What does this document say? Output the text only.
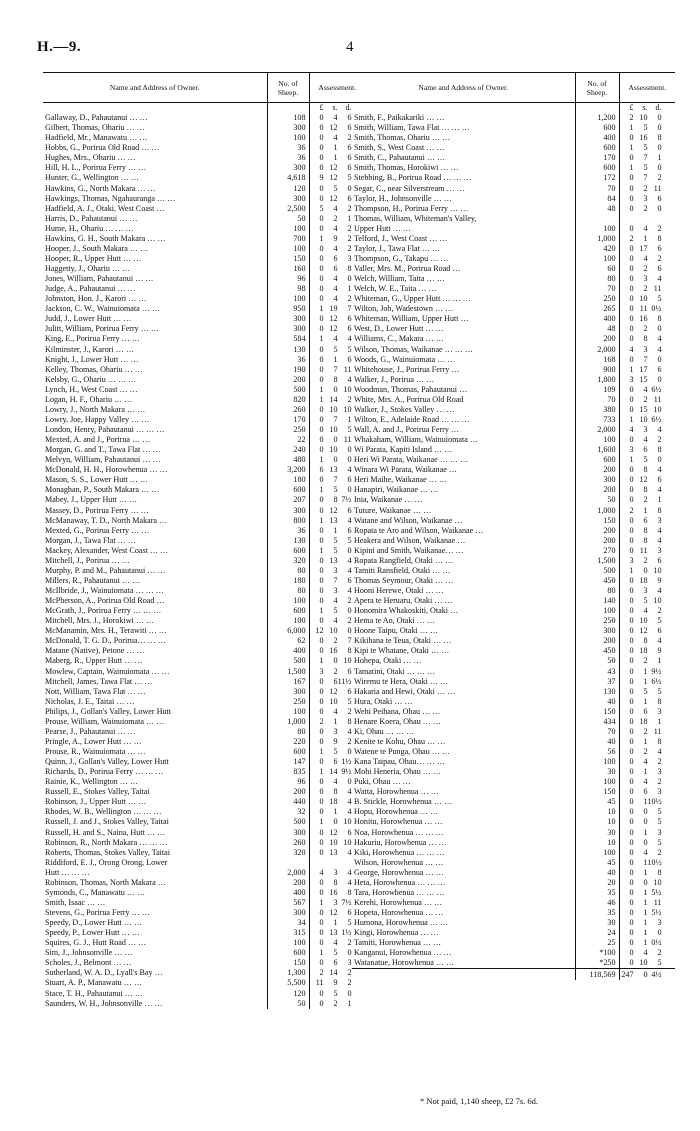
H.—9.	4
Name and Address of Owner.	No. of Sheep.	Assessment.
		£ s. d.
Gallaway, D., Pahautanui … …	108	0 4 6
Gilbert, Thomas, Ohariu … …	300	0 12 6
Hadfield, Mr., Manawatu … …	100	0 4 2
Hobbs, G., Porirua Old Road … …	36	0 1 6
Hughes, Mrs., Ohariu … …	36	0 1 6
Hill, H. L., Porirua Ferry … …	300	0 12 6
Hunter, G., Wellington … …	4,618	9 12 5
Hawkins, G., North Makara … …	120	0 5 0
Hawkings, Thomas, Ngahauranga … …	300	0 12 6
Hadfield, A. J., Otaki, West Coast …	2,500	5 4 2
Harris, D., Pahautanui … …	50	0 2 1
Hume, H., Ohariu … … …	100	0 4 2
Hawkins, G. H., South Makara … …	700	1 9 2
Hooper, J., South Makara … …	100	0 4 2
Hooper, R., Upper Hutt … …	150	0 6 3
Haggetty, J., Ohariu … …	160	0 6 8
Jones, William, Pahautanui … …	96	0 4 0
Judge, A., Pahautanui … …	98	0 4 1
Johnston, Hon. J., Karori … …	100	0 4 2
Jackson, C. W., Wainuiomata … …	950	1 19 7
Judd, J., Lower Hutt … …	300	0 12 6
Julitt, William, Porirua Ferry … …	300	0 12 6
King, E., Porirua Ferry … …	584	1 4 4
Kilminster, J., Karori … …	130	0 5 5
Knight, J., Lower Hutt … …	36	0 1 6
Kelley, Thomas, Ohariu … …	190	0 7 11
Kelsby, G., Ohariu … … …	200	0 8 4
Lynch, H., West Coast … …	500	1 0 10
Logan, H. F., Ohariu … …	820	1 14 2
Lowry, J., North Makara … …	260	0 10 10
Lowry, Joe, Happy Valley … …	170	0 7 1
London, Henry, Pahautanui … … …	250	0 10 5
Mexted, A. and J., Porirua … …	22	0 0 11
Morgan, G. and T., Tawa Flat … …	240	0 10 0
Melvyn, William, Pahautanui … …	480	1 0 0
McDonald, H. H., Horowhenua … …	3,200	6 13 4
Mason, S. S., Lower Hutt … …	180	0 7 6
Monaghan, P., South Makara … …	600	1 5 0
Mabey, J., Upper Hutt … …	207	0 8 7½
Massey, D., Porirua Ferry … …	300	0 12 6
McManaway, T. D., North Makara …	800	1 13 4
Mexted, G., Porirua Ferry … …	36	0 1 6
Morgan, J., Tawa Flat … …	130	0 5 5
Mackey, Alexander, West Coast … …	600	1 5 0
Mitchell, J., Porirua … …	320	0 13 4
Murphy, P. and M., Pahautanui … …	80	0 3 4
Millers, R., Pahautanui … …	180	0 7 6
McIlbride, J., Wainuiomata … … …	80	0 3 4
McPherson, A., Porirua Old Road …	100	0 4 2
McGrath, J., Porirua Ferry … … …	600	1 5 0
Mitchell, Mrs. J., Horokiwi … …	100	0 4 2
McManamin, Mrs. H., Terawiti … …	6,000	12 10 0
McDonald, T. G. D., Porirua… … …	62	0 2 7
Matane (Native), Petone … …	400	0 16 8
Maberg, R., Upper Hutt … …	500	1 0 10
Mowlew, Captain, Wainuiomata … …	1,500	3 2 6
Mitchell, James, Tawa Flat … …	167	0 611½
Nott, William, Tawa Flat … …	300	0 12 6
Nicholas, J. E., Taitai … …	250	0 10 5
Philips, J., Gollan's Valley, Lower Hutt	100	0 4 2
Prouse, William, Wainuiomata … …	1,000	2 1 8
Pearse, J., Pahautanui … …	80	0 3 4
Pringle, A., Lower Hutt … …	220	0 9 2
Prouse, R., Wainuiomata … …	600	1 5 0
Quinn, J., Gollan's Valley, Lower Hutt	147	0 6 1½
Richards, D., Porirua Ferry … … …	835	1 14 9½
Rainie, K., Wellington … …	96	0 4 0
Russell, E., Stokes Valley, Taitai	200	0 8 4
Robinson, J., Upper Hutt … …	440	0 18 4
Rhodes, W. B., Wellington … … …	32	0 1 4
Russell, J. and J., Stokes Valley, Taitai	500	1 0 10
Russell, H. and S., Naina, Hutt … …	300	0 12 6
Robinson, R., North Makara … … …	260	0 10 10
Roberts, Thomas, Stokes Valley, Taitai	320	0 13 4
Riddiford, E. J., Orong Orong, Lower		
Hutt … … …	2,000	4 3 4
Robinson, Thomas, North Makara …	200	0 8 4
Symonds, C., Manawatu … …	400	0 16 8
Smith, Isaac … …	567	1 3 7½
Stevens, G., Porirua Ferry … …	300	0 12 6
Speedy, D., Lower Hutt … …	34	0 1 5
Speedy, P., Lower Hutt … …	315	0 13 1½
Squires, G. J., Hutt Road … …	100	0 4 2
Sim, J., Johnsonville … …	600	1 5 0
Scholes, J., Belmont … …	150	0 6 3
Sutherland, W. A. D., Lyall's Bay …	1,300	2 14 2
Stuart, A. P., Manawatu … …	5,500	11 9 2
Stace, T. H., Pahautanui … …	120	0 5 0
Saunders, W. H., Johnsonville … …	50	0 2 1
Name and Address of Owner.	No. of Sheep.	Assessment.
		£ s. d.
Smith, F., Paikakariki … …	1,200	2 10 0
Smith, William, Tawa Flat … … …	600	1 5 0
Smith, Thomas, Ohariu … …	400	0 16 8
Smith, S., West Coast … …	600	1 5 0
Smith, C., Pahautanui … …	170	0 7 1
Smith, Thomas, Horokiwi … …	600	1 5 0
Stebbing, B., Porirua Road … … …	172	0 7 2
Segar, C., near Silverstream … …	70	0 2 11
Taylor, H., Johnsonville … …	84	0 3 6
Thompson, H., Porirua Ferry … …	48	0 2 0
Thomas, William, Whiteman's Valley,		
Upper Hutt … …	100	0 4 2
Telford, J., West Coast … …	1,000	2 1 8
Taylor, J., Tawa Flat … …	420	0 17 6
Thompson, G., Takapu … …	100	0 4 2
Valler, Mrs. M., Porirua Road …	60	0 2 6
Welch, William, Taita … …	80	0 3 4
Welch, W. E., Taita … …	70	0 2 11
Whiteman, G., Upper Hutt … … …	250	0 10 5
Wilton, Job, Wadestown … …	265	0 11 0½
Whiteman, William, Upper Hutt …	400	0 16 8
West, D., Lower Hutt … …	48	0 2 0
Williams, C., Makara … …	200	0 8 4
Wilson, Thomas, Waikanae … … …	2,000	4 3 4
Woods, G., Wainuiomata … …	168	0 7 0
Whitehouse, J., Porirua Ferry …	900	1 17 6
Walker, J., Porirua … …	1,800	3 15 0
Woodman, Thomas, Pahautanui …	109	0 4 6½
White, Mrs. A., Porirua Old Road	70	0 2 11
Walker, J., Stokes Valley … …	380	0 15 10
Wilton, E., Adelaide Road … … …	733	1 10 6½
Wall, A. and J., Porirua Ferry …	2,000	4 3 4
Whakaham, William, Wainuiomata …	100	0 4 2
Wi Parata, Kapiti Island … …	1,600	3 6 8
Heri Wi Parata, Waikanae … … …	600	1 5 0
Winara Wi Parata, Waikanae …	200	0 8 4
Heri Maihe, Waikanae … …	300	0 12 6
Hanapiri, Waikanae … …	200	0 8 4
Inia, Waikanae … …	50	0 2 1
Tuture, Waikanae … …	1,000	2 1 8
Watane and Wilson, Waikanae …	150	0 6 3
Ropata te Aro and Wilson, Waikanae …	200	0 8 4
Heakera and Wilson, Waikanae …	200	0 8 4
Kipini and Smith, Waikanae… …	270	0 11 3
Ropata Rangfield, Otaki … …	1,500	3 2 6
Tamiti Ransfield, Otaki … …	500	1 0 10
Thomas Seymour, Otaki … …	450	0 18 9
Hooni Herewe, Otaki … …	80	0 3 4
Apera te Heruaru, Otaki … …	140	0 5 10
Honomira Whakoskiti, Otaki …	100	0 4 2
Hema te Ao, Otaki … …	250	0 10 5
Hoone Taipu, Otaki … …	300	0 12 6
Kikihana te Teua, Otaki … …	200	0 8 4
Kipi te Whatane, Otaki … …	450	0 18 9
Hohepa, Otaki … …	50	0 2 1
Tamatini, Otaki … … …	43	0 1 9½
Wiremu te Hera, Otaki … …	37	0 1 6½
Hakaria and Hewi, Otaki … …	130	0 5 5
Hura, Otaki … …	40	0 1 8
Wehi Peihana, Ohau … …	150	0 6 3
Henare Koera, Ohau … …	434	0 18 1
Ki, Ohau … … …	70	0 2 11
Kenite te Kohu, Ohau … …	40	0 1 8
Watene te Punga, Ohau … …	56	0 2 4
Kana Taipau, Ohau… … …	100	0 4 2
Mohi Heneria, Ohau … …	30	0 1 3
Puki, Ohau … …	100	0 4 2
Watta, Horowhenua … …	150	0 6 3
B. Stickle, Horowhenua … …	45	0 110½
Hopu, Horowhenua … …	10	0 0 5
Honitu, Horowhenua … …	10	0 0 5
Noa, Horowhenua … … …	30	0 1 3
Hakuriu, Horowhenua … …	10	0 0 5
Kiki, Horowhenua … … …	100	0 4 2
Wilson, Horowhenua … …	45	0 110½
George, Horowhenua … …	40	0 1 8
Heta, Horowhenua … … …	20	0 0 10
Tara, Horowhenua … … …	35	0 1 5½
Kerehi, Horowhenua … …	46	0 1 11
Hopeta, Horowhenua … …	35	0 1 5½
Humona, Horowhenua … …	30	0 1 3
Kingi, Horowhenua … …	24	0 1 0
Tamiti, Horowhenua … …	25	0 1 0½
Kanganui, Horowhenua … …	*100	0 4 2
Watanatue, Horowhenua … …	*250	0 10 5
	118,569	247 0 4½
* Not paid, 1,140 sheep, £2 7s. 6d.
